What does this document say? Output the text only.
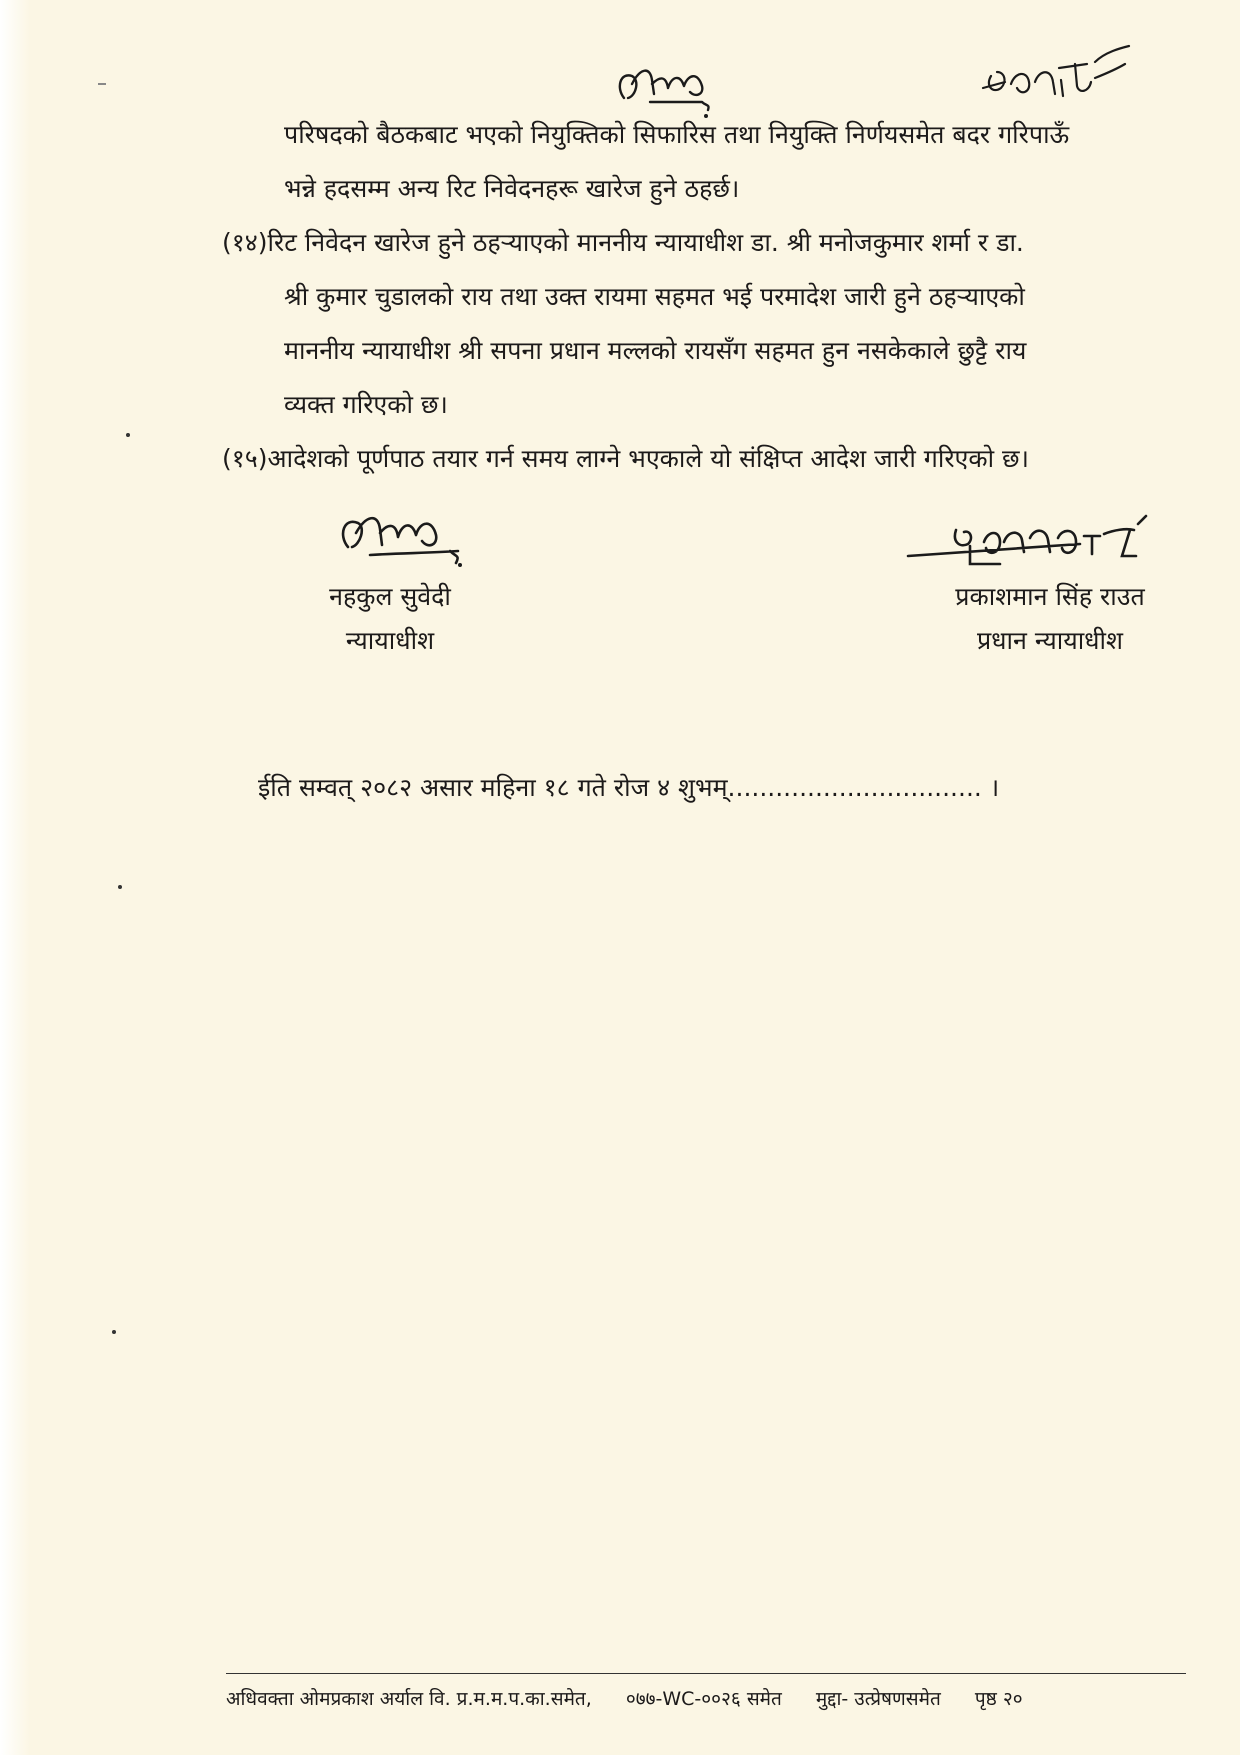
परिषदको बैठकबाट भएको नियुक्तिको सिफारिस तथा नियुक्ति निर्णयसमेत बदर गरिपाऊँ
भन्ने हदसम्म अन्य रिट निवेदनहरू खारेज हुने ठहर्छ।
(१४)रिट निवेदन खारेज हुने ठहऱ्याएको माननीय न्यायाधीश डा. श्री मनोजकुमार शर्मा र डा.
श्री कुमार चुडालको राय तथा उक्त रायमा सहमत भई परमादेश जारी हुने ठहऱ्याएको
माननीय न्यायाधीश श्री सपना प्रधान मल्लको रायसँग सहमत हुन नसकेकाले छुट्टै राय
व्यक्त गरिएको छ।
(१५)आदेशको पूर्णपाठ तयार गर्न समय लाग्ने भएकाले यो संक्षिप्त आदेश जारी गरिएको छ।
नहकुल सुवेदी
न्यायाधीश
प्रकाशमान सिंह राउत
प्रधान न्यायाधीश
ईति सम्वत् २०८२ असार महिना १८ गते रोज ४ शुभम्................................ ।
अधिवक्ता ओमप्रकाश अर्याल वि. प्र.म.म.प.का.समेत, ०७७-WC-००२६ समेत मुद्दा- उत्प्रेषणसमेत पृष्ठ २०
